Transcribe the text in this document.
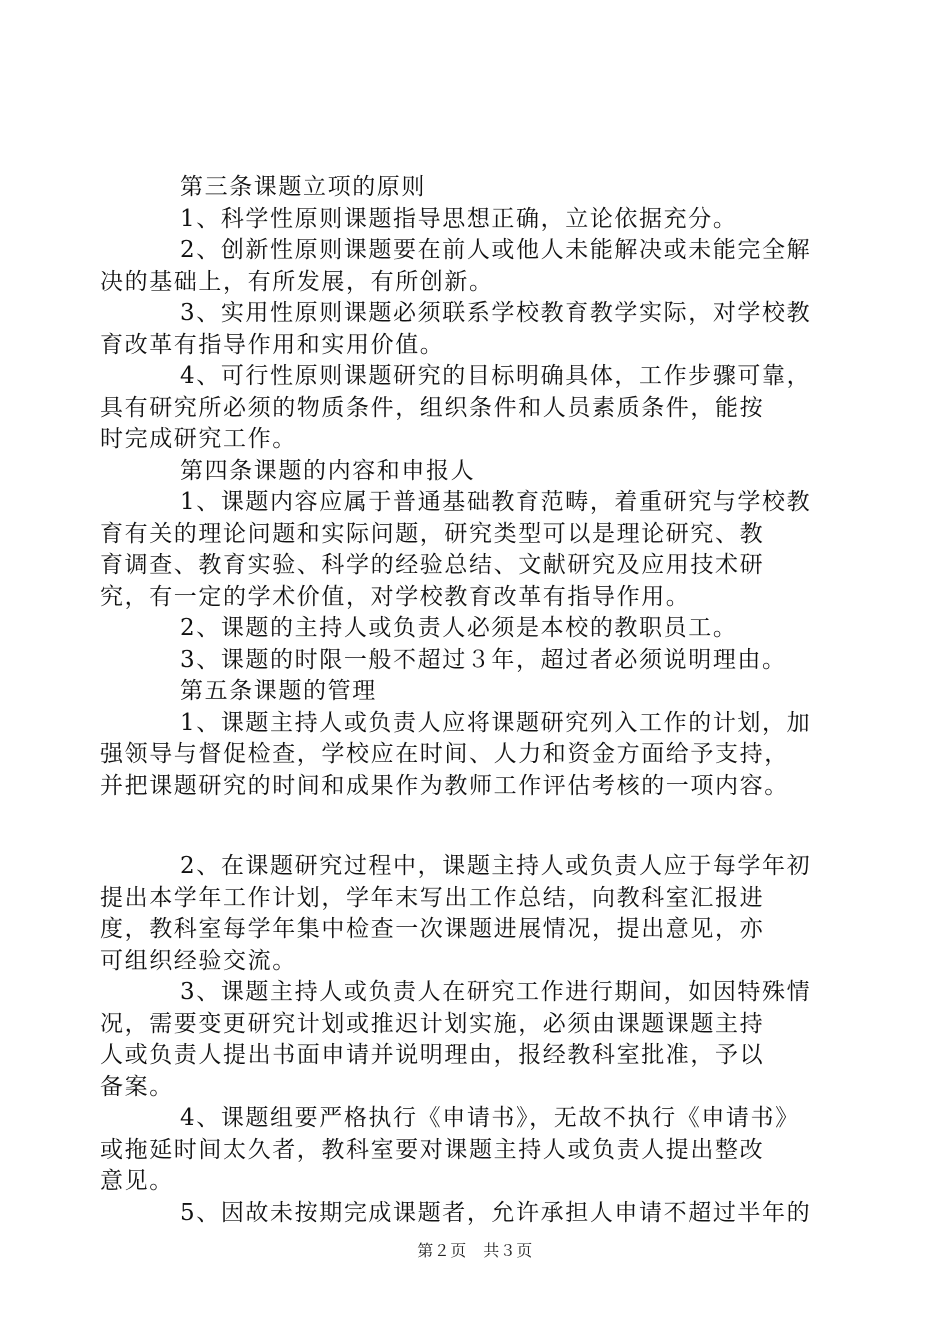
第三条课题立项的原则

1、科学性原则课题指导思想正确，立论依据充分。

2、创新性原则课题要在前人或他人未能解决或未能完全解

决的基础上，有所发展，有所创新。

3、实用性原则课题必须联系学校教育教学实际，对学校教

育改革有指导作用和实用价值。

4、可行性原则课题研究的目标明确具体，工作步骤可靠，

具有研究所必须的物质条件，组织条件和人员素质条件，能按

时完成研究工作。

第四条课题的内容和申报人

1、课题内容应属于普通基础教育范畴，着重研究与学校教

育有关的理论问题和实际问题，研究类型可以是理论研究、教

育调查、教育实验、科学的经验总结、文献研究及应用技术研

究，有一定的学术价值，对学校教育改革有指导作用。

2、课题的主持人或负责人必须是本校的教职员工。

3、课题的时限一般不超过３年，超过者必须说明理由。

第五条课题的管理

1、课题主持人或负责人应将课题研究列入工作的计划，加

强领导与督促检查，学校应在时间、人力和资金方面给予支持，

并把课题研究的时间和成果作为教师工作评估考核的一项内容。

2、在课题研究过程中，课题主持人或负责人应于每学年初

提出本学年工作计划，学年末写出工作总结，向教科室汇报进

度，教科室每学年集中检查一次课题进展情况，提出意见，亦

可组织经验交流。

3、课题主持人或负责人在研究工作进行期间，如因特殊情

况，需要变更研究计划或推迟计划实施，必须由课题课题主持

人或负责人提出书面申请并说明理由，报经教科室批准，予以

备案。

4、课题组要严格执行《申请书》，无故不执行《申请书》

或拖延时间太久者，教科室要对课题主持人或负责人提出整改

意见。

5、因故未按期完成课题者，允许承担人申请不超过半年的

第２页　共３页
